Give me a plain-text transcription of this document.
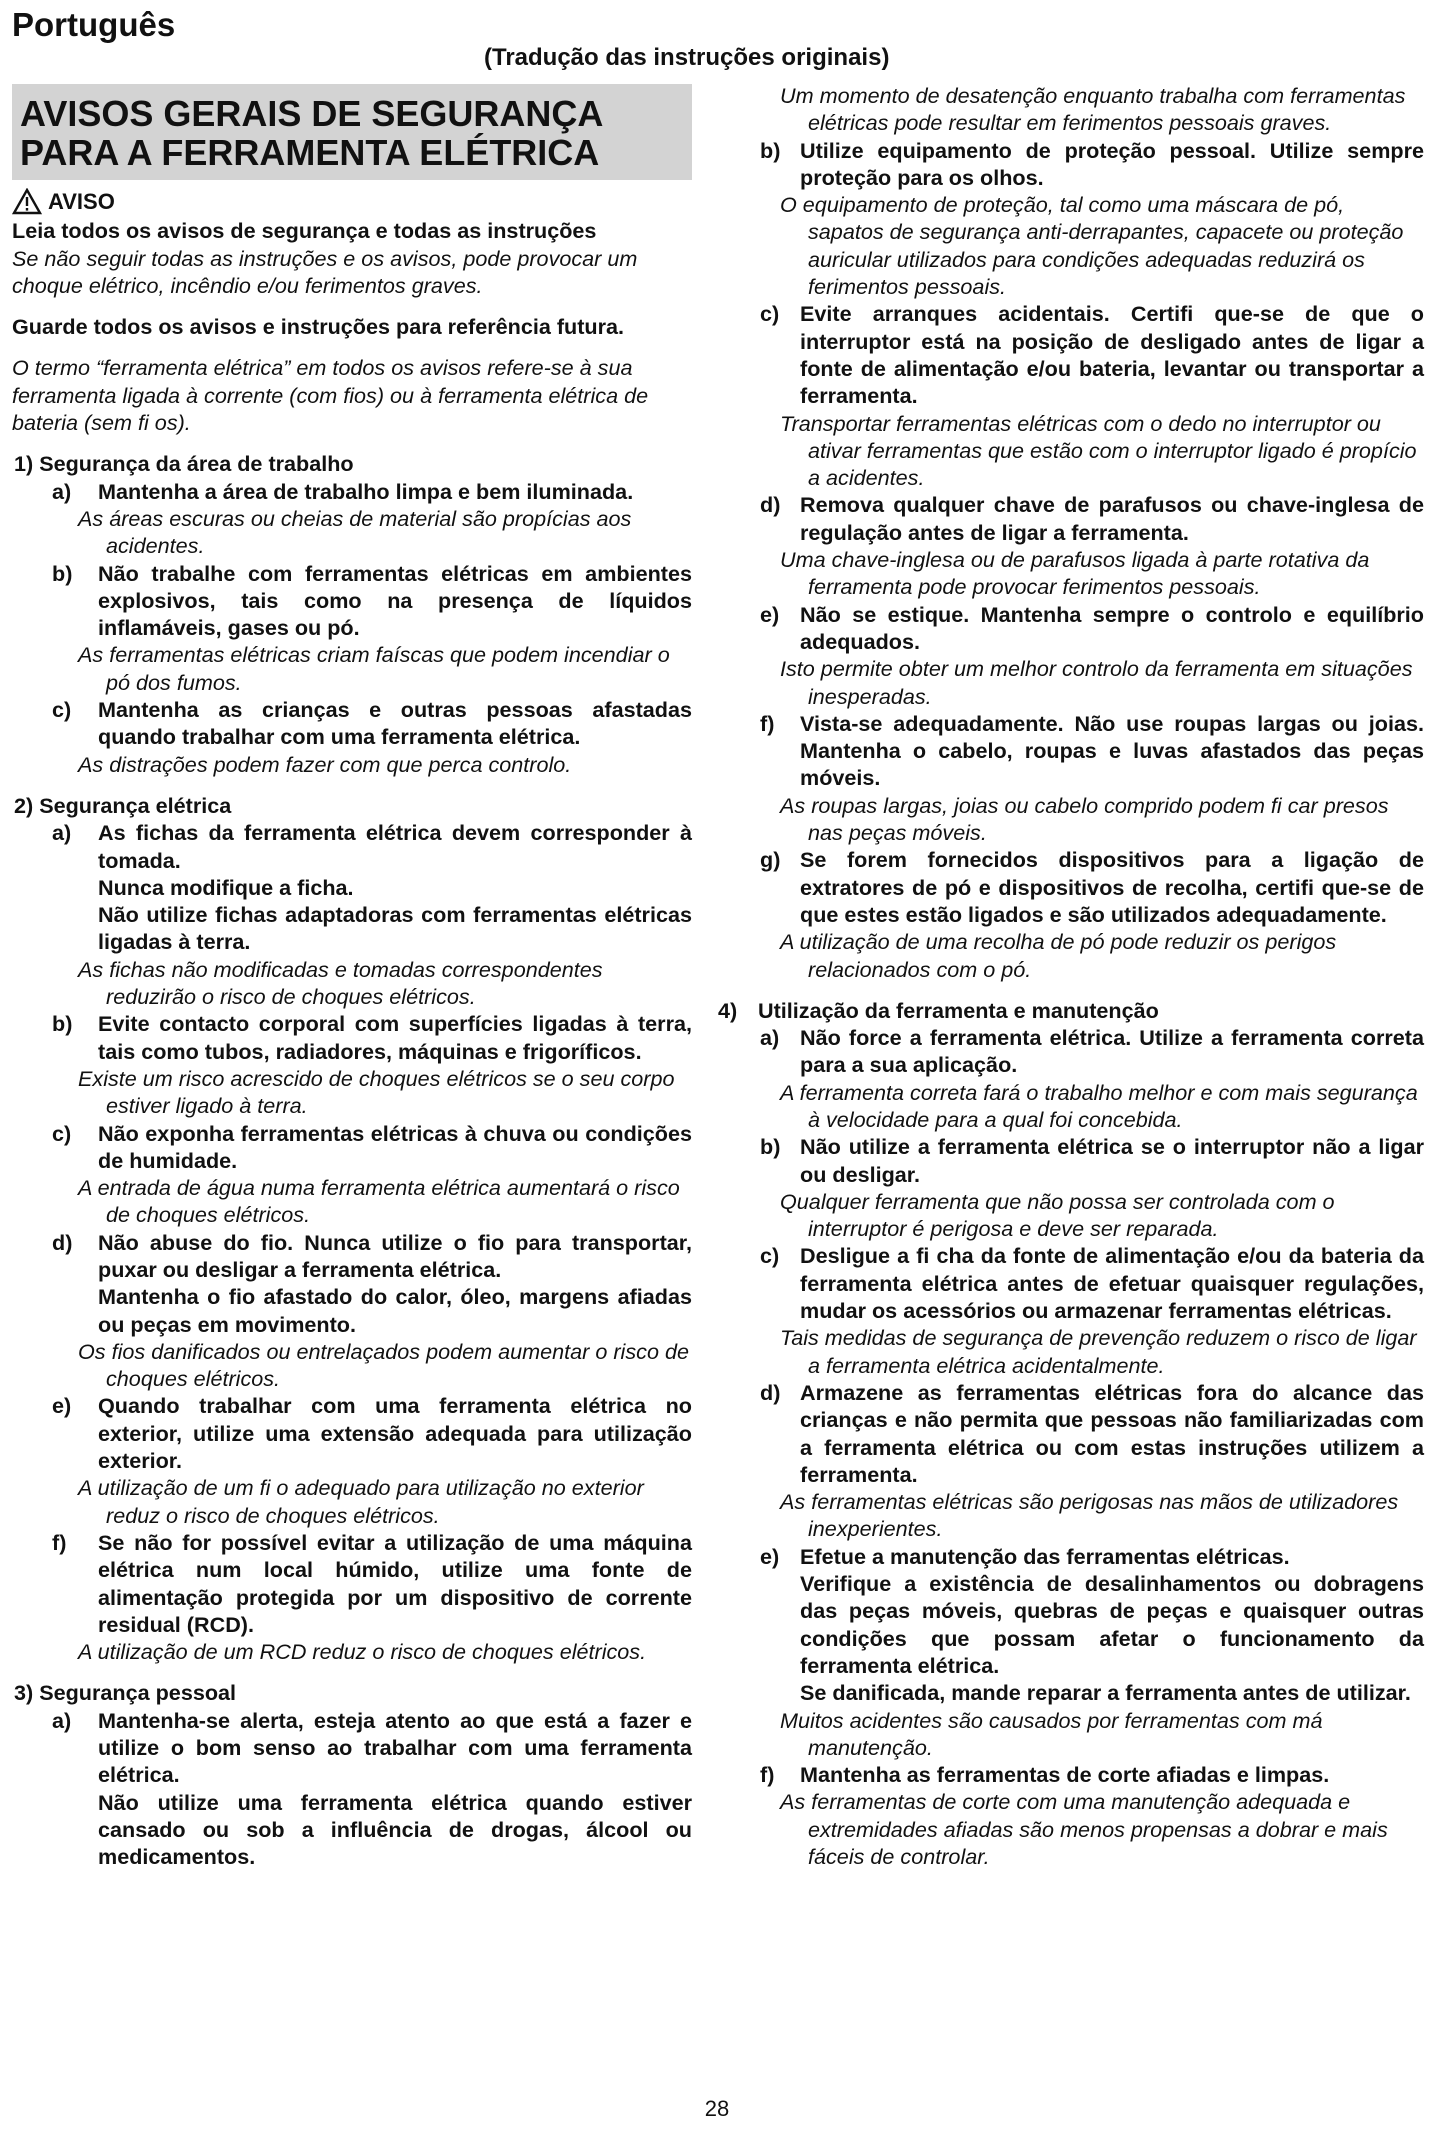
Português
(Tradução das instruções originais)
AVISOS GERAIS DE SEGURANÇA
PARA A FERRAMENTA ELÉTRICA
AVISO

Leia todos os avisos de segurança e todas as instruções

Se não seguir todas as instruções e os avisos, pode provocar um choque elétrico, incêndio e/ou ferimentos graves.

Guarde todos os avisos e instruções para referência futura.

O termo “ferramenta elétrica” em todos os avisos refere-se à sua ferramenta ligada à corrente (com fios) ou à ferramenta elétrica de bateria (sem fi os).

1) Segurança da área de trabalho

a)	Mantenha a área de trabalho limpa e bem iluminada.

As áreas escuras ou cheias de material são propícias aos acidentes.

b)	Não trabalhe com ferramentas elétricas em ambientes explosivos, tais como na presença de líquidos inflamáveis, gases ou pó.

As ferramentas elétricas criam faíscas que podem incendiar o pó dos fumos.

c)	Mantenha as crianças e outras pessoas afastadas quando trabalhar com uma ferramenta elétrica.

As distrações podem fazer com que perca controlo.

2) Segurança elétrica

a)	As fichas da ferramenta elétrica devem corresponder à tomada.

Nunca modifique a ficha.

Não utilize fichas adaptadoras com ferramentas elétricas ligadas à terra.

As fichas não modificadas e tomadas correspondentes reduzirão o risco de choques elétricos.

b)	Evite contacto corporal com superfícies ligadas à terra, tais como tubos, radiadores, máquinas e frigoríficos.

Existe um risco acrescido de choques elétricos se o seu corpo estiver ligado à terra.

c)	Não exponha ferramentas elétricas à chuva ou condições de humidade.

A entrada de água numa ferramenta elétrica aumentará o risco de choques elétricos.

d)	Não abuse do fio. Nunca utilize o fio para transportar, puxar ou desligar a ferramenta elétrica.

Mantenha o fio afastado do calor, óleo, margens afiadas ou peças em movimento.

Os fios danificados ou entrelaçados podem aumentar o risco de choques elétricos.

e)	Quando trabalhar com uma ferramenta elétrica no exterior, utilize uma extensão adequada para utilização exterior.

A utilização de um fi o adequado para utilização no exterior reduz o risco de choques elétricos.

f)	Se não for possível evitar a utilização de uma máquina elétrica num local húmido, utilize uma fonte de alimentação protegida por um dispositivo de corrente residual (RCD).

A utilização de um RCD reduz o risco de choques elétricos.

3) Segurança pessoal

a)	Mantenha-se alerta, esteja atento ao que está a fazer e utilize o bom senso ao trabalhar com uma ferramenta elétrica.

Não utilize uma ferramenta elétrica quando estiver cansado ou sob a influência de drogas, álcool ou medicamentos.

Um momento de desatenção enquanto trabalha com ferramentas elétricas pode resultar em ferimentos pessoais graves.

b) Utilize equipamento de proteção pessoal. Utilize sempre proteção para os olhos.

O equipamento de proteção, tal como uma máscara de pó, sapatos de segurança anti-derrapantes, capacete ou proteção auricular utilizados para condições adequadas reduzirá os ferimentos pessoais.

c) Evite arranques acidentais. Certifi que-se de que o interruptor está na posição de desligado antes de ligar a fonte de alimentação e/ou bateria, levantar ou transportar a ferramenta.

Transportar ferramentas elétricas com o dedo no interruptor ou ativar ferramentas que estão com o interruptor ligado é propício a acidentes.

d) Remova qualquer chave de parafusos ou chave-inglesa de regulação antes de ligar a ferramenta.

Uma chave-inglesa ou de parafusos ligada à parte rotativa da ferramenta pode provocar ferimentos pessoais.

e) Não se estique. Mantenha sempre o controlo e equilíbrio adequados.

Isto permite obter um melhor controlo da ferramenta em situações inesperadas.

f)	Vista-se adequadamente. Não use roupas largas ou joias. Mantenha o cabelo, roupas e luvas afastados das peças móveis.

As roupas largas, joias ou cabelo comprido podem fi car presos nas peças móveis.

g) Se forem fornecidos dispositivos para a ligação de extratores de pó e dispositivos de recolha, certifi que-se de que estes estão ligados e são utilizados adequadamente.

A utilização de uma recolha de pó pode reduzir os perigos relacionados com o pó.

4) Utilização da ferramenta e manutenção
a) Não force a ferramenta elétrica. Utilize a ferramenta correta para a sua aplicação.

A ferramenta correta fará o trabalho melhor e com mais segurança à velocidade para a qual foi concebida.

b) Não utilize a ferramenta elétrica se o interruptor não a ligar ou desligar.

Qualquer ferramenta que não possa ser controlada com o interruptor é perigosa e deve ser reparada.

c) Desligue a fi cha da fonte de alimentação e/ou da bateria da ferramenta elétrica antes de efetuar quaisquer regulações, mudar os acessórios ou armazenar ferramentas elétricas.

Tais medidas de segurança de prevenção reduzem o risco de ligar a ferramenta elétrica acidentalmente.

d) Armazene as ferramentas elétricas fora do alcance das crianças e não permita que pessoas não familiarizadas com a ferramenta elétrica ou com estas instruções utilizem a ferramenta.

As ferramentas elétricas são perigosas nas mãos de utilizadores inexperientes.

e) Efetue a manutenção das ferramentas elétricas.

Verifique a existência de desalinhamentos ou dobragens das peças móveis, quebras de peças e quaisquer outras condições que possam afetar o funcionamento da ferramenta elétrica.

Se danificada, mande reparar a ferramenta antes de utilizar.

Muitos acidentes são causados por ferramentas com má manutenção.

f)	Mantenha as ferramentas de corte afiadas e limpas.

As ferramentas de corte com uma manutenção adequada e extremidades afiadas são menos propensas a dobrar e mais fáceis de controlar.

28
